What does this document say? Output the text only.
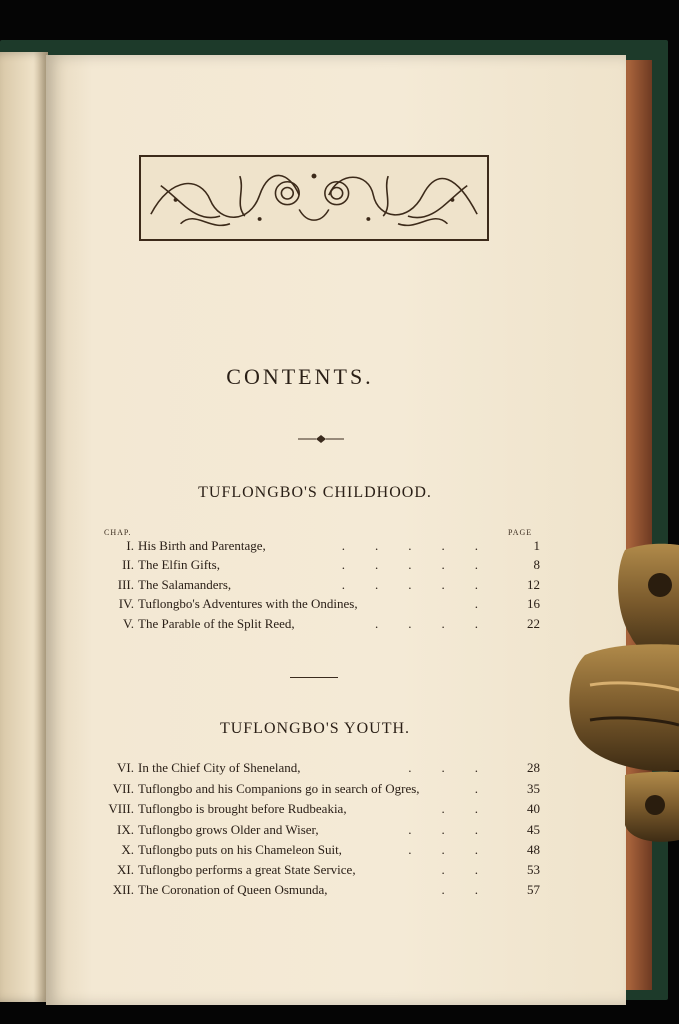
CONTENTS.
TUFLONGBO'S CHILDHOOD.
CHAP.	PAGE
I. His Birth and Parentage,	.....	1
II. The Elfin Gifts,	.....	8
III. The Salamanders,	.....	12
IV. Tuflongbo's Adventures with the Ondines,	.	16
V. The Parable of the Split Reed,	....	22
TUFLONGBO'S YOUTH.
VI. In the Chief City of Sheneland,	...	28
VII. Tuflongbo and his Companions go in search of Ogres,	.	35
VIII. Tuflongbo is brought before Rudbeakia,	..	40
IX. Tuflongbo grows Older and Wiser,	...	45
X. Tuflongbo puts on his Chameleon Suit,	...	48
XI. Tuflongbo performs a great State Service,	..	53
XII. The Coronation of Queen Osmunda,	..	57
